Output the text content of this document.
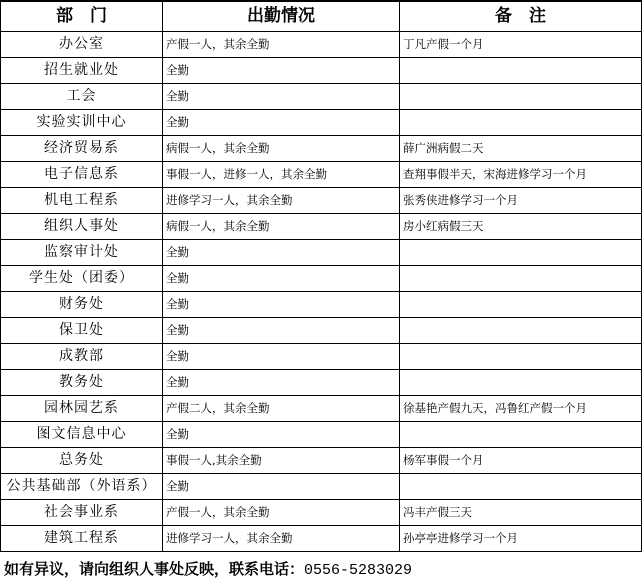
部　门	出勤情况	备　注
办公室	产假一人，其余全勤	丁凡产假一个月
招生就业处	全勤	
工会	全勤	
实验实训中心	全勤	
经济贸易系	病假一人，其余全勤	薛广洲病假二天
电子信息系	事假一人，进修一人，其余全勤	查翔事假半天，宋海进修学习一个月
机电工程系	进修学习一人，其余全勤	张秀侠进修学习一个月
组织人事处	病假一人，其余全勤	房小红病假三天
监察审计处	全勤	
学生处（团委）	全勤	
财务处	全勤	
保卫处	全勤	
成教部	全勤	
教务处	全勤	
园林园艺系	产假二人，其余全勤	徐基艳产假九天，冯鲁红产假一个月
图文信息中心	全勤	
总务处	事假一人,其余全勤	杨军事假一个月
公共基础部（外语系）	全勤	
社会事业系	产假一人，其余全勤	冯丰产假三天
建筑工程系	进修学习一人，其余全勤	孙亭亭进修学习一个月
如有异议，请向组织人事处反映，联系电话：0556-5283029
